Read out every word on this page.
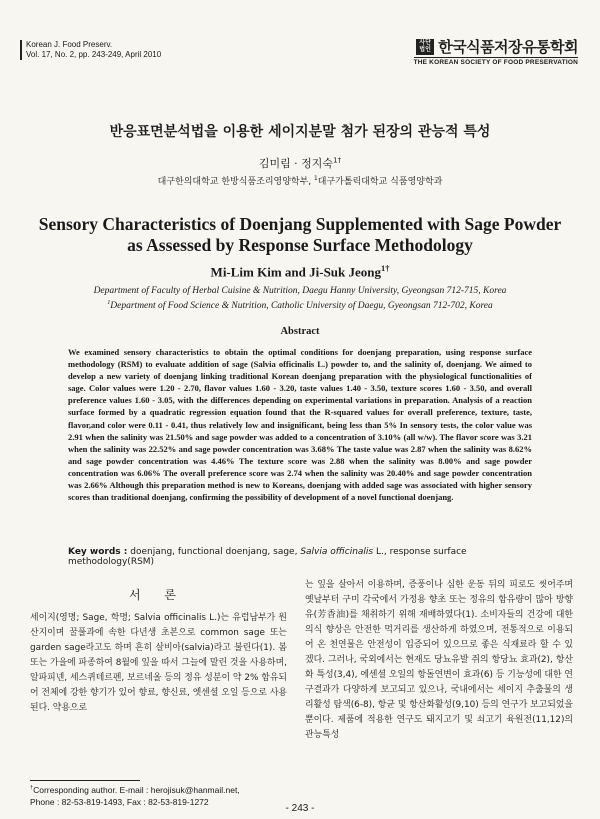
Korean J. Food Preserv.
Vol. 17, No. 2, pp. 243-249, April 2010
사단법인 한국식품저장유통학회
THE KOREAN SOCIETY OF FOOD PRESERVATION
반응표면분석법을 이용한 세이지분말 첨가 된장의 관능적 특성
김미림 · 정지숙$^{1\dagger}$
대구한의대학교 한방식품조리영양학부, $^1$대구가톨릭대학교 식품영양학과
Sensory Characteristics of Doenjang Supplemented with Sage Powder
as Assessed by Response Surface Methodology
Mi-Lim Kim and Ji-Suk Jeong$^{1\dagger}$
Department of Faculty of Herbal Cuisine & Nutrition, Daegu Hanny University, Gyeongsan 712-715, Korea
$^1$Department of Food Science & Nutrition, Catholic University of Daegu, Gyeongsan 712-702, Korea
Abstract
We examined sensory characteristics to obtain the optimal conditions for doenjang preparation, using response surface methodology (RSM) to evaluate addition of sage (Salvia officinalis L.) powder to, and the salinity of, doenjang. We aimed to develop a new variety of doenjang linking traditional Korean doenjang preparation with the physiological functionalities of sage. Color values were 1.20 - 2.70, flavor values 1.60 - 3.20, taste values 1.40 - 3.50, texture scores 1.60 - 3.50, and overall preference values 1.60 - 3.05, with the differences depending on experimental variations in preparation. Analysis of a reaction surface formed by a quadratic regression equation found that the R-squared values for overall preference, texture, taste, flavor,and color were 0.11 - 0.41, thus relatively low and insignificant, being less than 5% In sensory tests, the color value was 2.91 when the salinity was 21.50% and sage powder was added to a concentration of 3.10% (all w/w). The flavor score was 3.21 when the salinity was 22.52% and sage powder concentration was 3.68% The taste value was 2.87 when the salinity was 8.62% and sage powder concentration was 4.46% The texture score was 2.88 when the salinity was 8.00% and sage powder concentration was 6.06% The overall preference score was 2.74 when the salinity was 20.40% and sage powder concentration was 2.66% Although this preparation method is new to Koreans, doenjang with added sage was associated with higher sensory scores than traditional doenjang, confirming the possibility of development of a novel functional doenjang.
Key words : doenjang, functional doenjang, sage, Salvia officinalis L., response surface methodology(RSM)
서 론

세이지(영명; Sage, 학명; Salvia officinalis L.)는 유럽남부가 원산지이며 꿀풀과에 속한 다년생 초본으로 common sage 또는 garden sage라고도 하며 흔히 살비아(salvia)라고 불린다(1). 봄 또는 가을에 파종하여 8월에 잎을 따서 그늘에 말린 것을 사용하며, 알파피넨, 세스퀴테르펜, 보르네올 등의 정유 성분이 약 2% 함유되어 전체에 강한 향기가 있어 향료, 향신료, 엣센셜 오일 등으로 사용된다. 약용으로

는 잎을 살아서 이용하며, 증풍이나 심한 운동 뒤의 피로도 씻어주며 옛날부터 구미 각국에서 가정용 향초 또는 정유의 함유량이 많아 방향유(芳香油)를 채취하기 위해 재배하였다(1). 소비자들의 건강에 대한 의식 향상은 안전한 먹거리를 생산하게 하였으며, 전통적으로 이용되어 온 천연물은 안전성이 입증되어 있으므로 좋은 식재료라 할 수 있겠다. 그러나, 국외에서는 현재도 당뇨유발 쥐의 항당뇨 효과(2), 항산화 특성(3,4), 에센셜 오일의 항돌연변이 효과(6) 등 기능성에 대한 연구결과가 다양하게 보고되고 있으나, 국내에서는 세이지 추출물의 생리활성 탐색(6-8), 항균 및 항산화활성(9,10) 등의 연구가 보고되었을 뿐이다. 제품에 적용한 연구도 돼지고기 및 쇠고기 육원전(11,12)의 관능특성

†Corresponding author. E-mail : herojisuk@hanmail.net,
Phone : 82-53-819-1493, Fax : 82-53-819-1272
- 243 -
